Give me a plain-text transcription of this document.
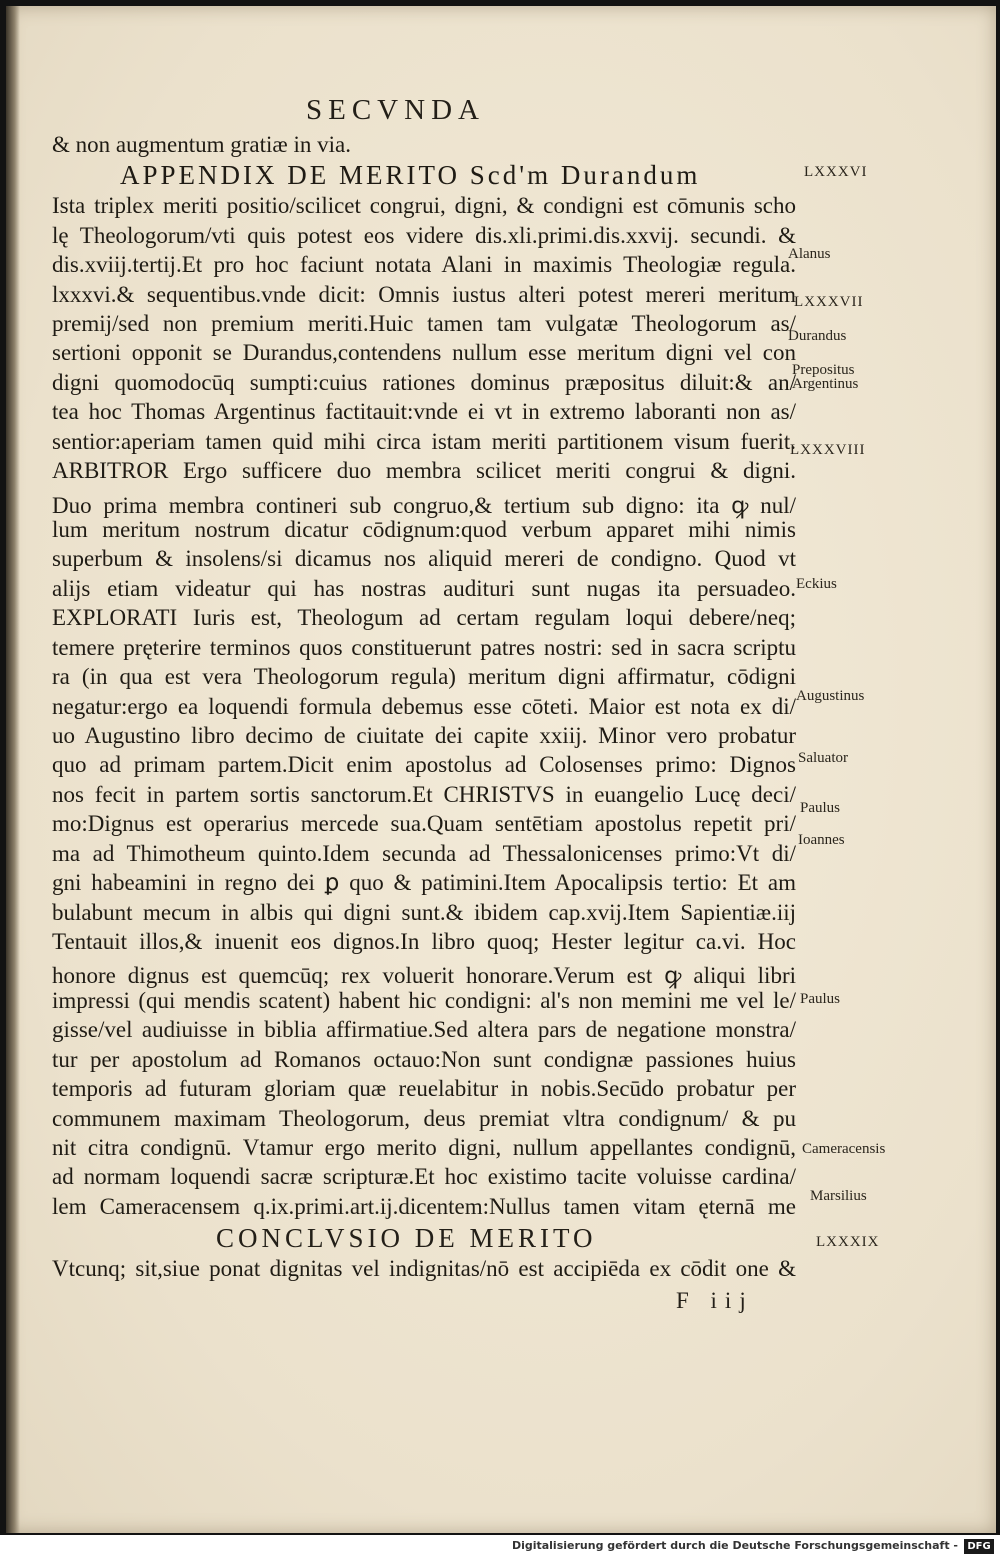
SECVNDA
& non augmentum gratiæ in via.
APPENDIX DE MERITO Scd'm Durandum
Ista triplex meriti positio/scilicet congrui, digni, & condigni est cōmunis scho
lę Theologorum/vti quis potest eos videre dis.xli.primi.dis.xxvij. secundi. &
dis.xviij.tertij.Et pro hoc faciunt notata Alani in maximis Theologiæ regula.
lxxxvi.& sequentibus.vnde dicit: Omnis iustus alteri potest mereri meritum
premij/sed non premium meriti.Huic tamen tam vulgatæ Theologorum as/
sertioni opponit se Durandus,contendens nullum esse meritum digni vel con
digni quomodocūq sumpti:cuius rationes dominus præpositus diluit:& an/
tea hoc Thomas Argentinus factitauit:vnde ei vt in extremo laboranti non as/
sentior:aperiam tamen quid mihi circa istam meriti partitionem visum fuerit.
ARBITROR Ergo sufficere duo membra scilicet meriti congrui & digni.
Duo prima membra contineri sub congruo,& tertium sub digno: ita ꝙ nul/
lum meritum nostrum dicatur cōdignum:quod verbum apparet mihi nimis
superbum & insolens/si dicamus nos aliquid mereri de condigno. Quod vt
alijs etiam videatur qui has nostras audituri sunt nugas ita persuadeo.
EXPLORATI Iuris est, Theologum ad certam regulam loqui debere/neq;
temere pręterire terminos quos constituerunt patres nostri: sed in sacra scriptu
ra (in qua est vera Theologorum regula) meritum digni affirmatur, cōdigni
negatur:ergo ea loquendi formula debemus esse cōteti. Maior est nota ex di/
uo Augustino libro decimo de ciuitate dei capite xxiij. Minor vero probatur
quo ad primam partem.Dicit enim apostolus ad Colosenses primo: Dignos
nos fecit in partem sortis sanctorum.Et CHRISTVS in euangelio Lucę deci/
mo:Dignus est operarius mercede sua.Quam sentētiam apostolus repetit pri/
ma ad Thimotheum quinto.Idem secunda ad Thessalonicenses primo:Vt di/
gni habeamini in regno dei ꝑ quo & patimini.Item Apocalipsis tertio: Et am
bulabunt mecum in albis qui digni sunt.& ibidem cap.xvij.Item Sapientiæ.iij
Tentauit illos,& inuenit eos dignos.In libro quoq; Hester legitur ca.vi. Hoc
honore dignus est quemcūq; rex voluerit honorare.Verum est ꝙ aliqui libri
impressi (qui mendis scatent) habent hic condigni: al's non memini me vel le/
gisse/vel audiuisse in biblia affirmatiue.Sed altera pars de negatione monstra/
tur per apostolum ad Romanos octauo:Non sunt condignæ passiones huius
temporis ad futuram gloriam quæ reuelabitur in nobis.Secūdo probatur per
communem maximam Theologorum, deus premiat vltra condignum/ & pu
nit citra condignū. Vtamur ergo merito digni, nullum appellantes condignū,
ad normam loquendi sacræ scripturæ.Et hoc existimo tacite voluisse cardina/
lem Cameracensem q.ix.primi.art.ij.dicentem:Nullus tamen vitam ęternā me
CONCLVSIO DE MERITO
Vtcunq; sit,siue ponat dignitas vel indignitas/nō est accipiēda ex cōdit one &
F iij
LXXXVI
Alanus
LXXXVII
Durandus
Prepositus
Argentinus
LXXXVIII
Eckius
Augustinus
Saluator
Paulus
Ioannes
Paulus
Cameracensis
Marsilius
LXXXIX
Digitalisierung gefördert durch die Deutsche Forschungsgemeinschaft - DFG
